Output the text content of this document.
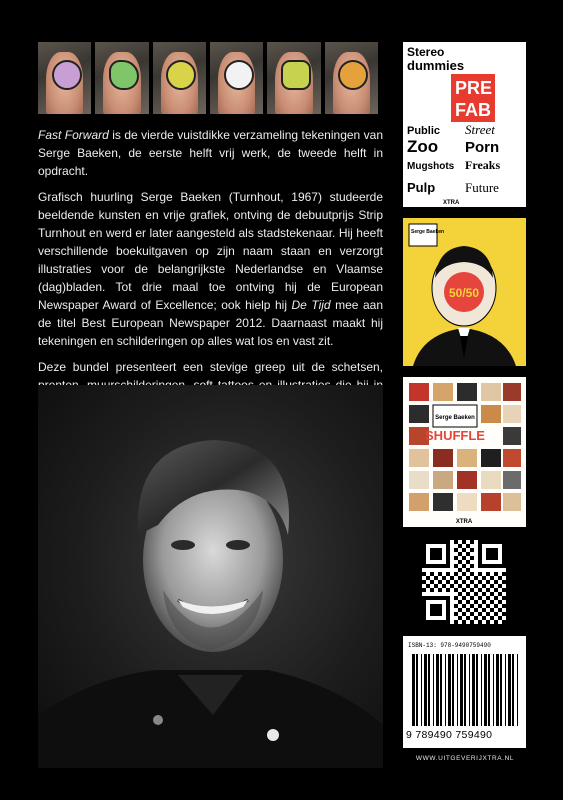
Fast Forward is de vierde vuistdikke verzameling tekeningen van Serge Baeken, de eerste helft vrij werk, de tweede helft in opdracht.

Grafisch huurling Serge Baeken (Turnhout, 1967) studeerde beeldende kunsten en vrije grafiek, ontving de debuutprijs Strip Turnhout en werd er later aangesteld als stadstekenaar. Hij heeft verschillende boekuitgaven op zijn naam staan en verzorgt illustraties voor de belangrijkste Nederlandse en Vlaamse (dag)bladen. Tot drie maal toe ontving hij de European Newspaper Award of Excellence; ook hielp hij De Tijd mee aan de titel Best European Newspaper 2012. Daarnaast maakt hij tekeningen en schilderingen op alles wat los en vast zit.

Deze bundel presenteert een stevige greep uit de schetsen,

Stereo
dummies
PRE
FAB
Public Street
Zoo Porn
Mugshots Freaks
Pulp Future
XTRA
Serge Baeken
50/50
Serge Baeken
SHUFFLE
XTRA
ISBN-13: 978-9490759490
9 789490 759490
WWW.UITGEVERIJXTRA.NL
